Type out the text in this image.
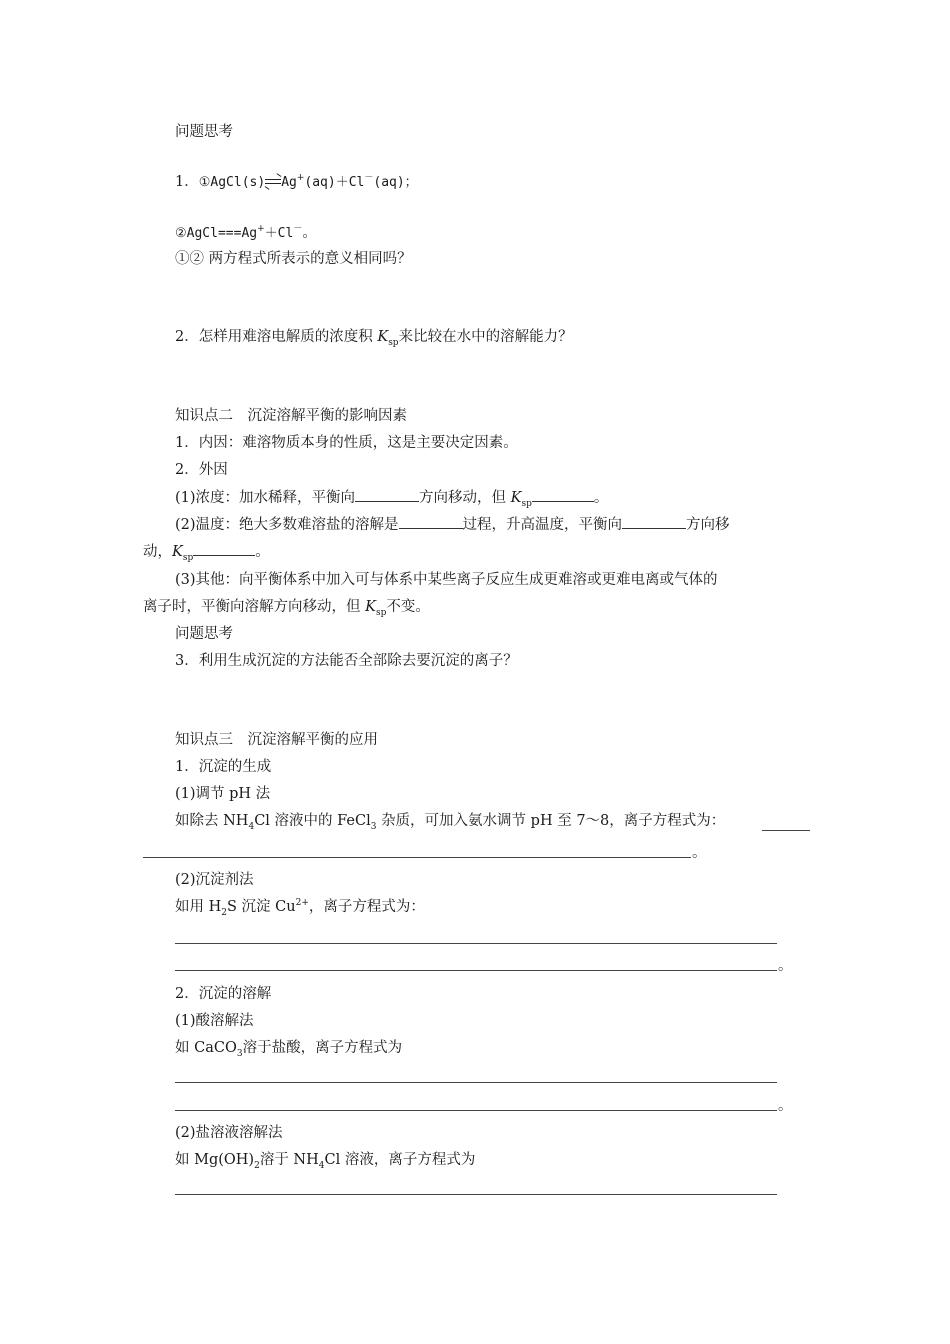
问题思考
1．①AgCl(s) Ag+(aq)＋Cl－(aq)；
②AgCl===Ag+＋Cl－。
①② 两方程式所表示的意义相同吗？
2．怎样用难溶电解质的浓度积 $K_{sp}$来比较在水中的溶解能力？
知识点二　沉淀溶解平衡的影响因素
1．内因：难溶物质本身的性质，这是主要决定因素。
2．外因
(1)浓度：加水稀释，平衡向	方向移动，但 $K_{sp}$	。
(2)温度：绝大多数难溶盐的溶解是	过程，升高温度，平衡向	方向移
动，$K_{sp}$	。
(3)其他：向平衡体系中加入可与体系中某些离子反应生成更难溶或更难电离或气体的
离子时，平衡向溶解方向移动，但 $K_{sp}$不变。
问题思考
3．利用生成沉淀的方法能否全部除去要沉淀的离子？
知识点三　沉淀溶解平衡的应用
1．沉淀的生成
(1)调节 pH 法
如除去 $NH_4Cl$ 溶液中的 FeCl$_3$ 杂质，可加入氨水调节 pH 至 7～8，离子方程式为：
。
(2)沉淀剂法
如用 $H_2S$ 沉淀 $Cu^{2+}$，离子方程式为：
。
2．沉淀的溶解
(1)酸溶解法
如 CaCO$_3$溶于盐酸，离子方程式为
。
(2)盐溶液溶解法
如 $Mg(OH)_2$溶于 $NH_4Cl$ 溶液，离子方程式为
